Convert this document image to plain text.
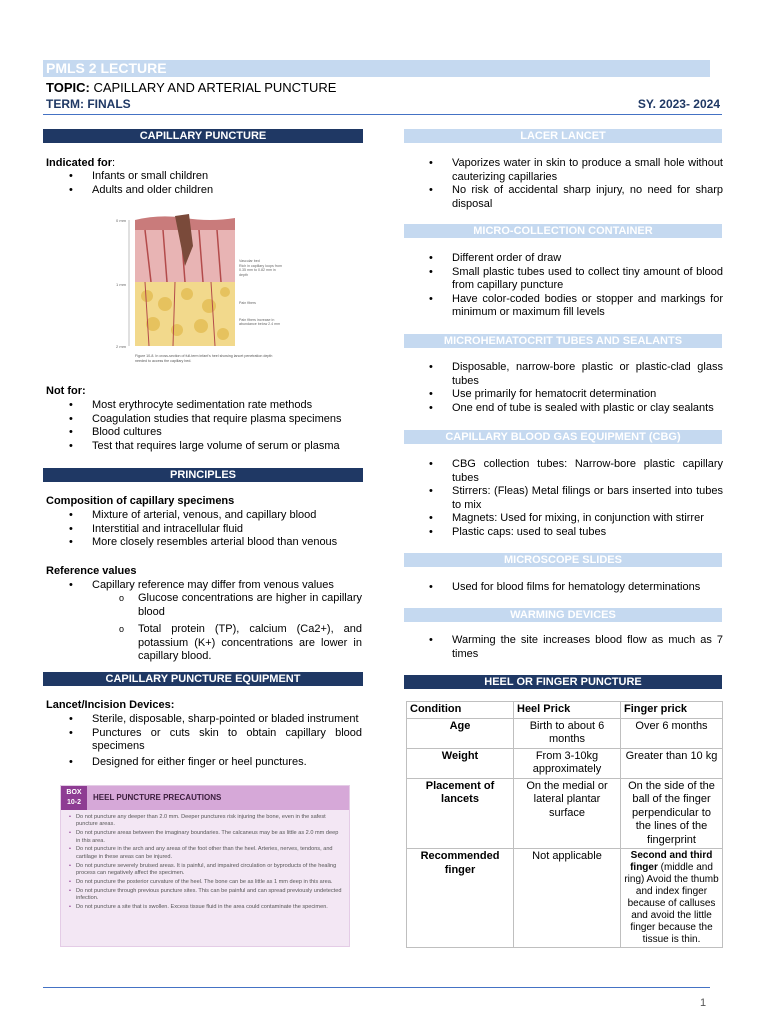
PMLS 2 LECTURE
TOPIC: CAPILLARY AND ARTERIAL PUNCTURE
TERM: FINALS	SY. 2023- 2024
CAPILLARY PUNCTURE
Indicated for:
• Infants or small children
• Adults and older children
0 mm
1 mm
2 mm
Vascular bed
Rich in capillary loops from 0.35 mm to 0.82 mm in depth
Pain fibers
Pain fibers increase in abundance below 2.4 mm
Figure 10-8. In cross-section of full-term infant's heel showing lancet penetration depth needed to access the capillary bed.
Not for:
• Most erythrocyte sedimentation rate methods
• Coagulation studies that require plasma specimens
• Blood cultures
• Test that requires large volume of serum or plasma
PRINCIPLES
Composition of capillary specimens
• Mixture of arterial, venous, and capillary blood
• Interstitial and intracellular fluid
• More closely resembles arterial blood than venous
Reference values
• Capillary reference may differ from venous values
o Glucose concentrations are higher in capillary blood
o Total protein (TP), calcium (Ca2+), and potassium (K+) concentrations are lower in capillary blood.
CAPILLARY PUNCTURE EQUIPMENT
Lancet/Incision Devices:
• Sterile, disposable, sharp-pointed or bladed instrument
• Punctures or cuts skin to obtain capillary blood specimens
• Designed for either finger or heel punctures.
BOX 10-2
HEEL PUNCTURE PRECAUTIONS
• Do not puncture any deeper than 2.0 mm. Deeper punctures risk injuring the bone, even in the safest puncture areas.
• Do not puncture areas between the imaginary boundaries. The calcaneus may be as little as 2.0 mm deep in this area.
• Do not puncture in the arch and any areas of the foot other than the heel. Arteries, nerves, tendons, and cartilage in these areas can be injured.
• Do not puncture severely bruised areas. It is painful, and impaired circulation or byproducts of the healing process can negatively affect the specimen.
• Do not puncture the posterior curvature of the heel. The bone can be as little as 1 mm deep in this area.
• Do not puncture through previous puncture sites. This can be painful and can spread previously undetected infection.
• Do not puncture a site that is swollen. Excess tissue fluid in the area could contaminate the specimen.
LACER LANCET
• Vaporizes water in skin to produce a small hole without cauterizing capillaries
• No risk of accidental sharp injury, no need for sharp disposal
MICRO-COLLECTION CONTAINER
• Different order of draw
• Small plastic tubes used to collect tiny amount of blood from capillary puncture
• Have color-coded bodies or stopper and markings for minimum or maximum fill levels
MICROHEMATOCRIT TUBES AND SEALANTS
• Disposable, narrow-bore plastic or plastic-clad glass tubes
• Use primarily for hematocrit determination
• One end of tube is sealed with plastic or clay sealants
CAPILLARY BLOOD GAS EQUIPMENT (CBG)
• CBG collection tubes: Narrow-bore plastic capillary tubes
• Stirrers: (Fleas) Metal filings or bars inserted into tubes to mix
• Magnets: Used for mixing, in conjunction with stirrer
• Plastic caps: used to seal tubes
MICROSCOPE SLIDES
• Used for blood films for hematology determinations
WARMING DEVICES
• Warming the site increases blood flow as much as 7 times
HEEL OR FINGER PUNCTURE
Condition	Heel Prick	Finger prick
Age	Birth to about 6 months	Over 6 months
Weight	From 3-10kg approximately	Greater than 10 kg
Placement of lancets	On the medial or lateral plantar surface	On the side of the ball of the finger perpendicular to the lines of the fingerprint
Recommended finger	Not applicable	Second and third finger (middle and ring) Avoid the thumb and index finger because of calluses and avoid the little finger because the tissue is thin.
1
